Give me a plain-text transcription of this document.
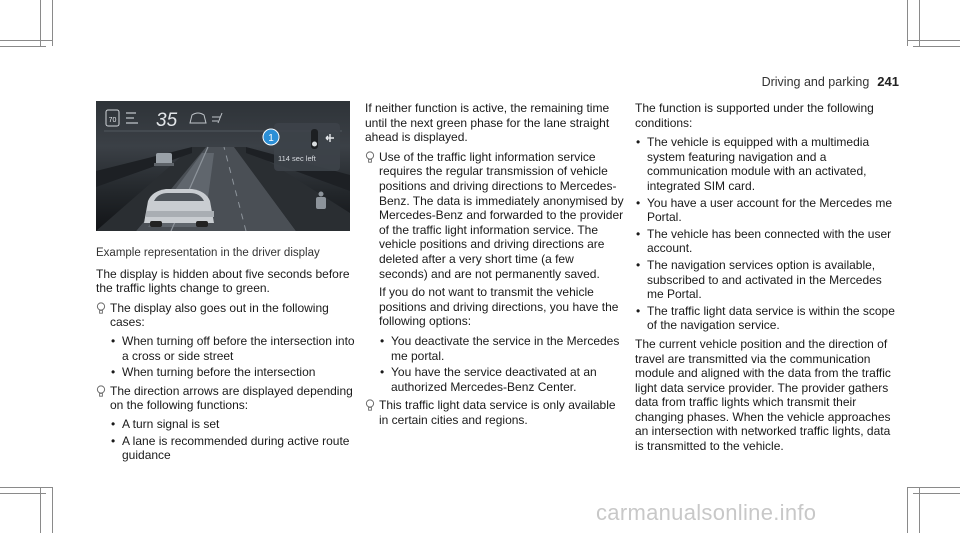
Driving and parking 241
70 35
114 sec left
1
Example representation in the driver display

The display is hidden about five seconds before the traffic lights change to green.

The display also goes out in the following cases:
• When turning off before the intersection into a cross or side street
• When turning before the intersection
The direction arrows are displayed depending on the following functions:
• A turn signal is set
• A lane is recommended during active route guidance

If neither function is active, the remaining time until the next green phase for the lane straight ahead is displayed.

Use of the traffic light information service requires the regular transmission of vehicle positions and driving directions to Mercedes-Benz. The data is immediately anonymised by Mercedes-Benz and forwarded to the provider of the traffic light information service. The vehicle positions and driving directions are deleted after a very short time (a few seconds) and are not permanently saved.

If you do not want to transmit the vehicle positions and driving directions, you have the following options:

• You deactivate the service in the Mercedes me portal.
• You have the service deactivated at an authorized Mercedes-Benz Center.
This traffic light data service is only available in certain cities and regions.

The function is supported under the following conditions:

• The vehicle is equipped with a multimedia system featuring navigation and a communication module with an activated, integrated SIM card.
• You have a user account for the Mercedes me Portal.
• The vehicle has been connected with the user account.
• The navigation services option is available, subscribed to and activated in the Mercedes me Portal.
• The traffic light data service is within the scope of the navigation service.

The current vehicle position and the direction of travel are transmitted via the communication module and aligned with the data from the traffic light data service provider. The provider gathers data from traffic lights which transmit their changing phases. When the vehicle approaches an intersection with networked traffic lights, data is transmitted to the vehicle.

carmanualsonline.info
